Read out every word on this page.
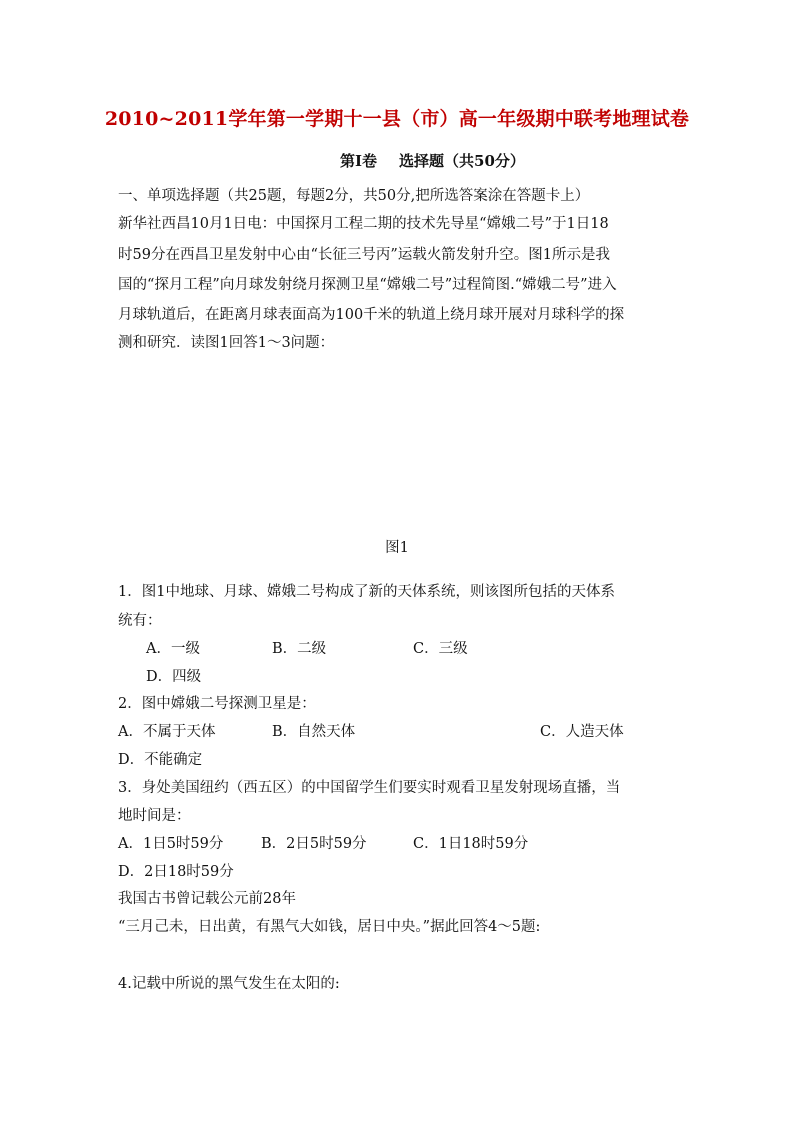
2010~2011学年第一学期十一县（市）高一年级期中联考地理试卷
第Ⅰ卷 选择题（共50分）
一、单项选择题（共25题，每题2分，共50分,把所选答案涂在答题卡上）
新华社西昌10月1日电：中国探月工程二期的技术先导星“嫦娥二号”于1日18
时59分在西昌卫星发射中心由“长征三号丙”运载火箭发射升空。图1所示是我
国的“探月工程”向月球发射绕月探测卫星“嫦娥二号”过程简图.“嫦娥二号”进入
月球轨道后，在距离月球表面高为100千米的轨道上绕月球开展对月球科学的探
测和研究．读图1回答1～3问题：
图1
1．图1中地球、月球、嫦娥二号构成了新的天体系统，则该图所包括的天体系
统有：
A．一级	B．二级	C．三级
D．四级
2．图中嫦娥二号探测卫星是：
A．不属于天体	B．自然天体	C．人造天体
D．不能确定
3．身处美国纽约（西五区）的中国留学生们要实时观看卫星发射现场直播，当
地时间是：
A．1日5时59分	B．2日5时59分	C．1日18时59分
D．2日18时59分
我国古书曾记载公元前28年
“三月己未，日出黄，有黑气大如钱，居日中央。”据此回答4～5题:
4.记载中所说的黑气发生在太阳的:
